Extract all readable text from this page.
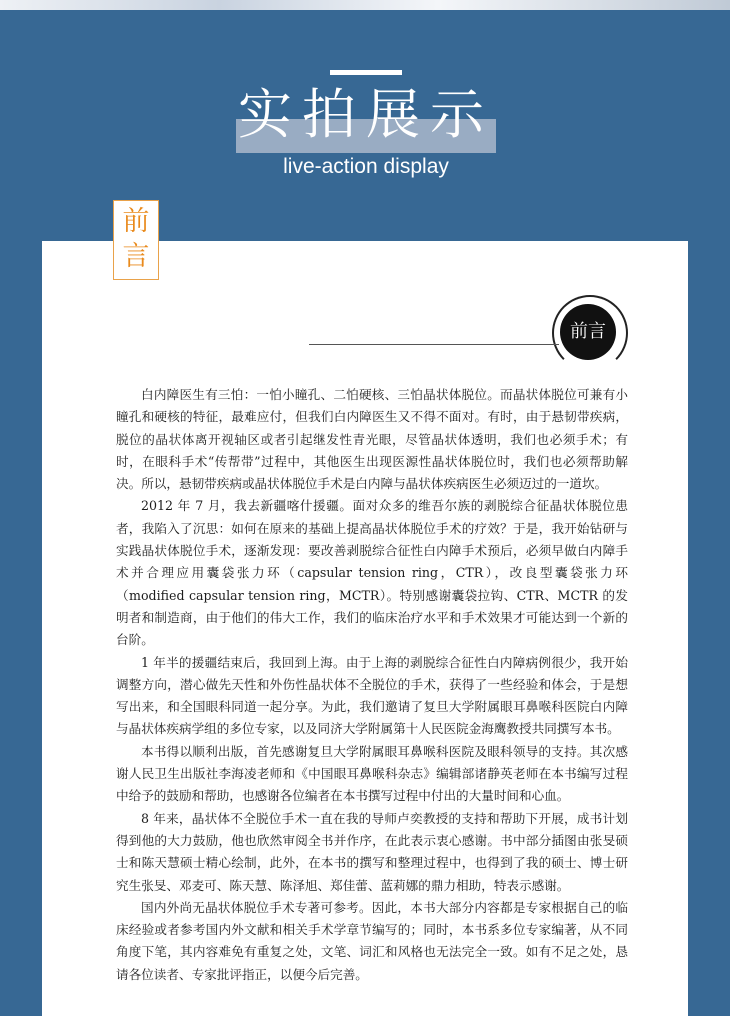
实拍展示
live-action display
前言
前言

白内障医生有三怕：一怕小瞳孔、二怕硬核、三怕晶状体脱位。而晶状体脱位可兼有小瞳孔和硬核的特征，最难应付，但我们白内障医生又不得不面对。有时，由于悬韧带疾病，脱位的晶状体离开视轴区或者引起继发性青光眼，尽管晶状体透明，我们也必须手术；有时，在眼科手术“传帮带”过程中，其他医生出现医源性晶状体脱位时，我们也必须帮助解决。所以，悬韧带疾病或晶状体脱位手术是白内障与晶状体疾病医生必须迈过的一道坎。

2012 年 7 月，我去新疆喀什援疆。面对众多的维吾尔族的剥脱综合征晶状体脱位患者，我陷入了沉思：如何在原来的基础上提高晶状体脱位手术的疗效？于是，我开始钻研与实践晶状体脱位手术，逐渐发现：要改善剥脱综合征性白内障手术预后，必须早做白内障手术并合理应用囊袋张力环（capsular tension ring，CTR），改良型囊袋张力环（modified capsular tension ring，MCTR）。特别感谢囊袋拉钩、CTR、MCTR 的发明者和制造商，由于他们的伟大工作，我们的临床治疗水平和手术效果才可能达到一个新的台阶。

1 年半的援疆结束后，我回到上海。由于上海的剥脱综合征性白内障病例很少，我开始调整方向，潜心做先天性和外伤性晶状体不全脱位的手术，获得了一些经验和体会，于是想写出来，和全国眼科同道一起分享。为此，我们邀请了复旦大学附属眼耳鼻喉科医院白内障与晶状体疾病学组的多位专家，以及同济大学附属第十人民医院金海鹰教授共同撰写本书。

本书得以顺利出版，首先感谢复旦大学附属眼耳鼻喉科医院及眼科领导的支持。其次感谢人民卫生出版社李海凌老师和《中国眼耳鼻喉科杂志》编辑部诸静英老师在本书编写过程中给予的鼓励和帮助，也感谢各位编者在本书撰写过程中付出的大量时间和心血。

8 年来，晶状体不全脱位手术一直在我的导师卢奕教授的支持和帮助下开展，成书计划得到他的大力鼓励，他也欣然审阅全书并作序，在此表示衷心感谢。书中部分插图由张旻硕士和陈天慧硕士精心绘制，此外，在本书的撰写和整理过程中，也得到了我的硕士、博士研究生张旻、邓麦可、陈天慧、陈泽旭、郑佳蕾、蓝莉娜的鼎力相助，特表示感谢。

国内外尚无晶状体脱位手术专著可参考。因此，本书大部分内容都是专家根据自己的临床经验或者参考国内外文献和相关手术学章节编写的；同时，本书系多位专家编著，从不同角度下笔，其内容难免有重复之处，文笔、词汇和风格也无法完全一致。如有不足之处，恳请各位读者、专家批评指正，以便今后完善。
